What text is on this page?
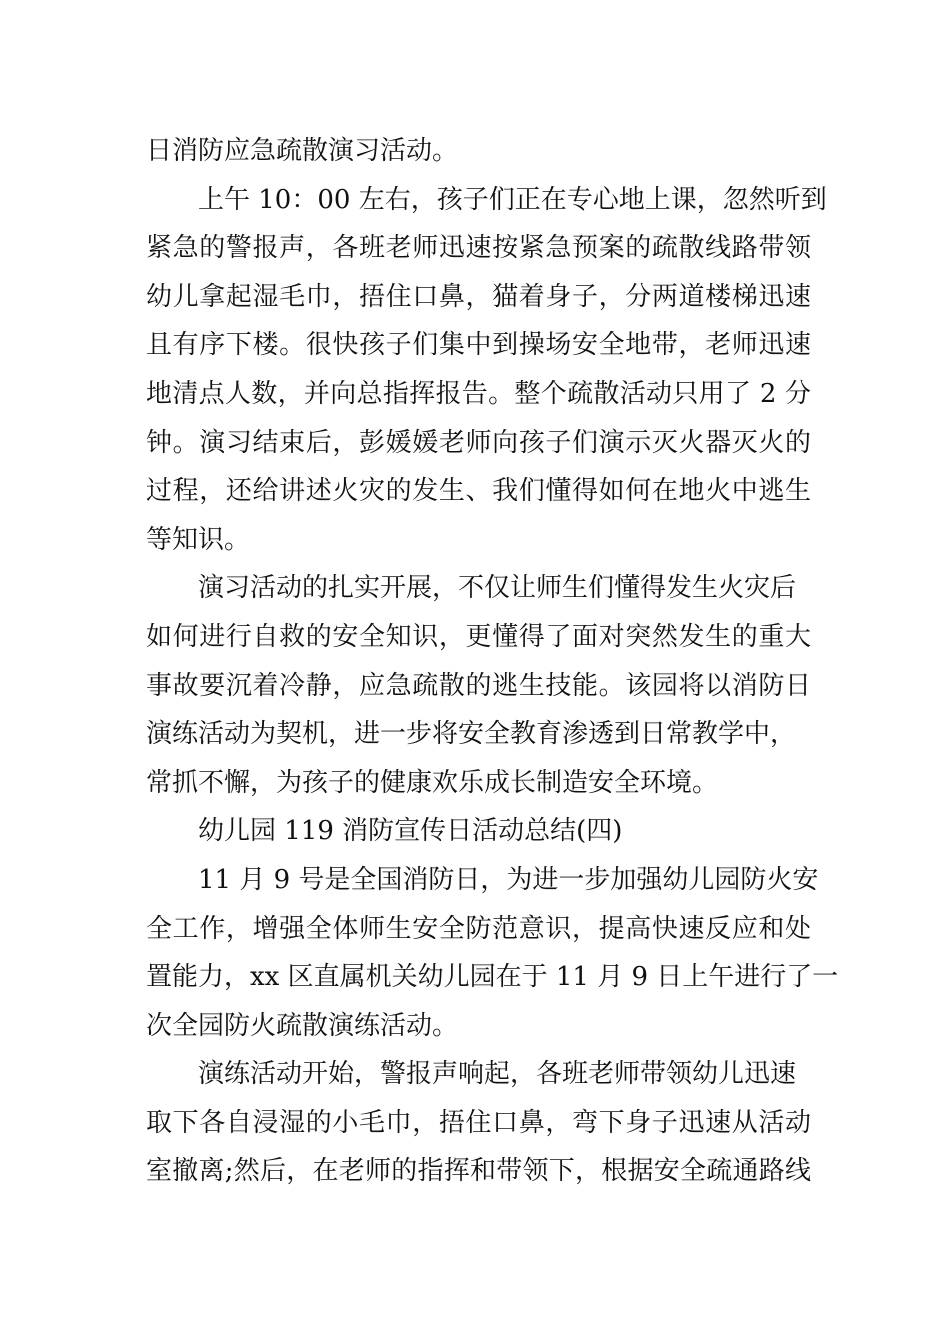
日消防应急疏散演习活动。
上午 10：00 左右，孩子们正在专心地上课，忽然听到
紧急的警报声，各班老师迅速按紧急预案的疏散线路带领
幼儿拿起湿毛巾，捂住口鼻，猫着身子，分两道楼梯迅速
且有序下楼。很快孩子们集中到操场安全地带，老师迅速
地清点人数，并向总指挥报告。整个疏散活动只用了 2 分
钟。演习结束后，彭媛媛老师向孩子们演示灭火器灭火的
过程，还给讲述火灾的发生、我们懂得如何在地火中逃生
等知识。
演习活动的扎实开展，不仅让师生们懂得发生火灾后
如何进行自救的安全知识，更懂得了面对突然发生的重大
事故要沉着冷静，应急疏散的逃生技能。该园将以消防日
演练活动为契机，进一步将安全教育渗透到日常教学中，
常抓不懈，为孩子的健康欢乐成长制造安全环境。
幼儿园 119 消防宣传日活动总结(四)
11 月 9 号是全国消防日，为进一步加强幼儿园防火安
全工作，增强全体师生安全防范意识，提高快速反应和处
置能力，xx 区直属机关幼儿园在于 11 月 9 日上午进行了一
次全园防火疏散演练活动。
演练活动开始，警报声响起，各班老师带领幼儿迅速
取下各自浸湿的小毛巾，捂住口鼻，弯下身子迅速从活动
室撤离;然后，在老师的指挥和带领下，根据安全疏通路线
